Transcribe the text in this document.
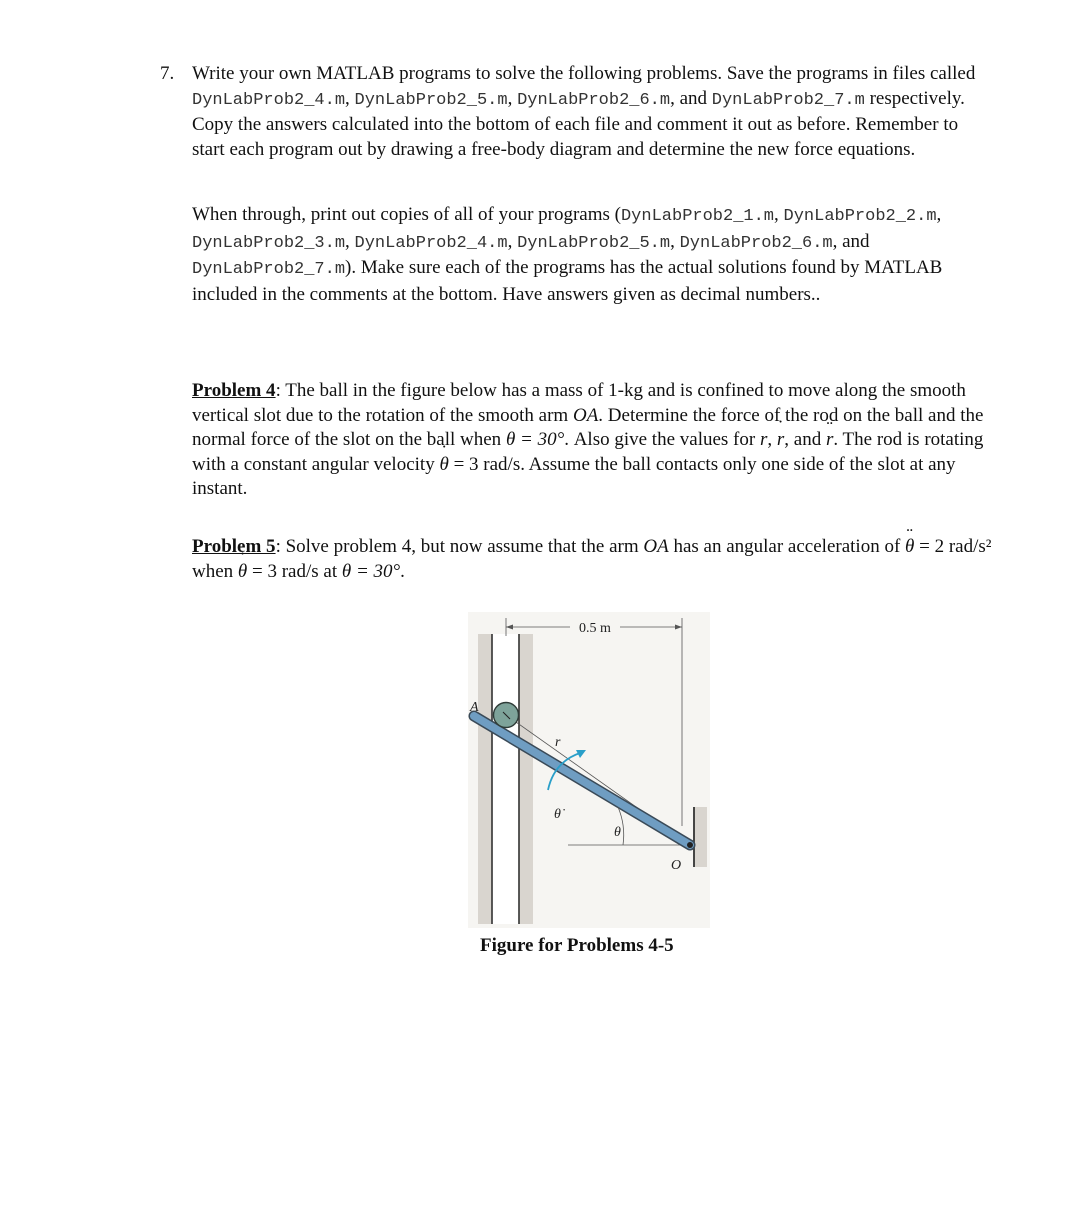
7. Write your own MATLAB programs to solve the following problems. Save the programs in files called DynLabProb2_4.m, DynLabProb2_5.m, DynLabProb2_6.m, and DynLabProb2_7.m respectively. Copy the answers calculated into the bottom of each file and comment it out as before. Remember to start each program out by drawing a free-body diagram and determine the new force equations.
When through, print out copies of all of your programs (DynLabProb2_1.m, DynLabProb2_2.m, DynLabProb2_3.m, DynLabProb2_4.m, DynLabProb2_5.m, DynLabProb2_6.m, and DynLabProb2_7.m). Make sure each of the programs has the actual solutions found by MATLAB included in the comments at the bottom. Have answers given as decimal numbers..
Problem 4: The ball in the figure below has a mass of 1-kg and is confined to move along the smooth vertical slot due to the rotation of the smooth arm OA. Determine the force of the rod on the ball and the normal force of the slot on the ball when θ = 30°. Also give the values for r, ˙ r, and ¨ r. The rod is rotating with a constant angular velocity ˙ θ = 3 rad/s. Assume the ball contacts only one side of the slot at any instant.
Problem 5: Solve problem 4, but now assume that the arm OA has an angular acceleration of ¨ θ = 2 rad/s² when ˙ θ = 3 rad/s at θ = 30°.
0.5 m
A
r
θ̇
θ
O
Figure for Problems 4-5
